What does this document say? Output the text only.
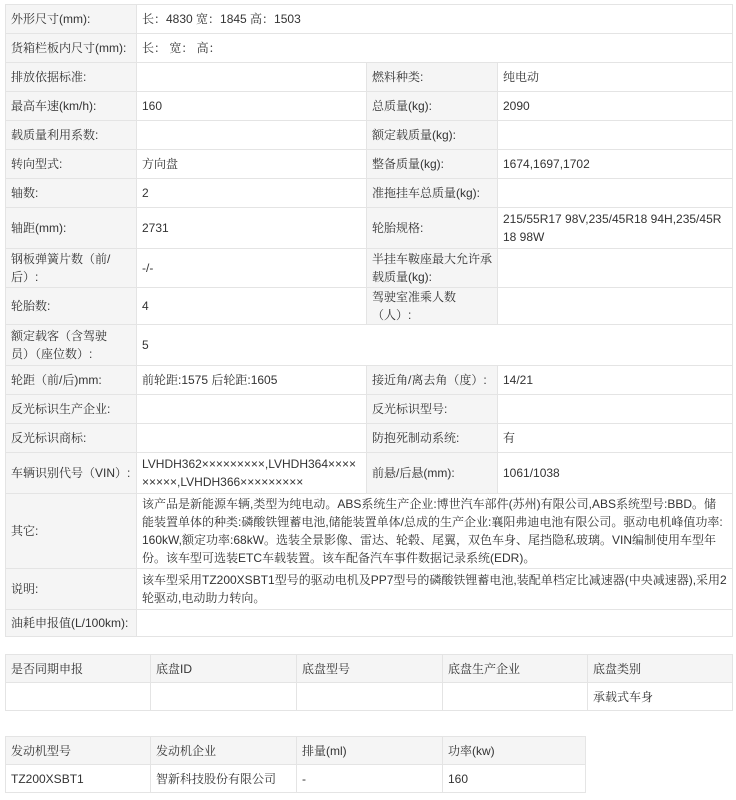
外形尺寸(mm):	长：4830 宽：1845 高：1503		
货箱栏板内尺寸(mm):	长： 宽： 高：		
排放依据标准:		燃料种类:	纯电动
最高车速(km/h):	160	总质量(kg):	2090
载质量利用系数:		额定载质量(kg):	
转向型式:	方向盘	整备质量(kg):	1674,1697,1702
轴数:	2	准拖挂车总质量(kg):	
轴距(mm):	2731	轮胎规格:	215/55R17 98V,235/45R18 94H,235/45R18 98W
钢板弹簧片数（前/后）:	-/-	半挂车鞍座最大允许承载质量(kg):	
轮胎数:	4	驾驶室准乘人数（人）:	
额定载客（含驾驶员）（座位数）:	5		
轮距（前/后)mm:	前轮距:1575 后轮距:1605	接近角/离去角（度）:	14/21
反光标识生产企业:		反光标识型号:	
反光标识商标:		防抱死制动系统:	有
车辆识别代号（VIN）:	LVHDH362×××××××××,LVHDH364×××××××××,LVHDH366×××××××××	前悬/后悬(mm):	1061/1038
其它:	该产品是新能源车辆,类型为纯电动。ABS系统生产企业:博世汽车部件(苏州)有限公司,ABS系统型号:BBD。储能装置单体的种类:磷酸铁锂蓄电池,储能装置单体/总成的生产企业:襄阳弗迪电池有限公司。驱动电机峰值功率:160kW,额定功率:68kW。选装全景影像、雷达、轮毂、尾翼，双色车身、尾挡隐私玻璃。VIN编制使用车型年份。该车型可选装ETC车载装置。该车配备汽车事件数据记录系统(EDR)。		
说明:	该车型采用TZ200XSBT1型号的驱动电机及PP7型号的磷酸铁锂蓄电池,装配单档定比减速器(中央减速器),采用2轮驱动,电动助力转向。		
油耗申报值(L/100km):			
是否同期申报	底盘ID	底盘型号	底盘生产企业	底盘类别
				承载式车身
发动机型号	发动机企业	排量(ml)	功率(kw)
TZ200XSBT1	智新科技股份有限公司	-	160
